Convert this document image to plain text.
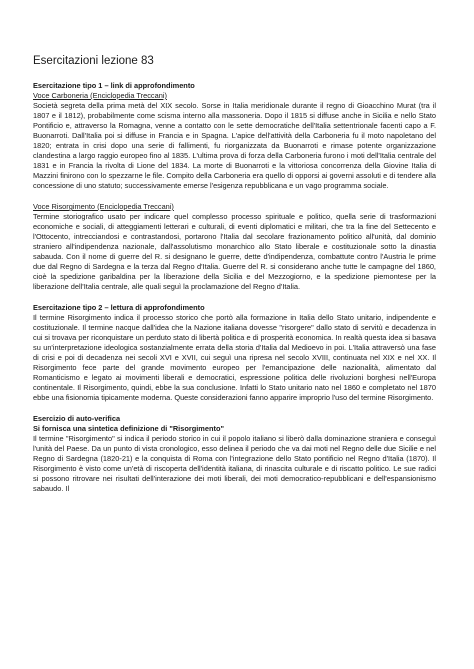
Esercitazioni lezione 83
Esercitazione tipo 1 – link di approfondimento
Voce Carboneria (Enciclopedia Treccani)
Società segreta della prima metà del XIX secolo. Sorse in Italia meridionale durante il regno di Gioacchino Murat (tra il 1807 e il 1812), probabilmente come scisma interno alla massoneria. Dopo il 1815 si diffuse anche in Sicilia e nello Stato Pontificio e, attraverso la Romagna, venne a contatto con le sette democratiche dell'Italia settentrionale facenti capo a F. Buonarroti. Dall'Italia poi si diffuse in Francia e in Spagna. L'apice dell'attività della Carboneria fu il moto napoletano del 1820; entrata in crisi dopo una serie di fallimenti, fu riorganizzata da Buonarroti e rimase potente organizzazione clandestina a largo raggio europeo fino al 1835. L'ultima prova di forza della Carboneria furono i moti dell'Italia centrale del 1831 e in Francia la rivolta di Lione del 1834. La morte di Buonarroti e la vittoriosa concorrenza della Giovine Italia di Mazzini finirono con lo spezzarne le file. Compito della Carboneria era quello di opporsi ai governi assoluti e di tendere alla concessione di uno statuto; successivamente emerse l'esigenza repubblicana e un vago programma sociale.
Voce Risorgimento (Enciclopedia Treccani)
Termine storiografico usato per indicare quel complesso processo spirituale e politico, quella serie di trasformazioni economiche e sociali, di atteggiamenti letterari e culturali, di eventi diplomatici e militari, che tra la fine del Settecento e l'Ottocento, intrecciandosi e contrastandosi, portarono l'Italia dal secolare frazionamento politico all'unità, dal dominio straniero all'indipendenza nazionale, dall'assolutismo monarchico allo Stato liberale e costituzionale sotto la dinastia sabauda. Con il nome di guerre del R. si designano le guerre, dette d'indipendenza, combattute contro l'Austria le prime due dal Regno di Sardegna e la terza dal Regno d'Italia. Guerre del R. si considerano anche tutte le campagne del 1860, cioè la spedizione garibaldina per la liberazione della Sicilia e del Mezzogiorno, e la spedizione piemontese per la liberazione dell'Italia centrale, alle quali seguì la proclamazione del Regno d'Italia.
Esercitazione tipo 2 – lettura di approfondimento
Il termine Risorgimento indica il processo storico che portò alla formazione in Italia dello Stato unitario, indipendente e costituzionale. Il termine nacque dall'idea che la Nazione italiana dovesse "risorgere" dallo stato di servitù e decadenza in cui si trovava per riconquistare un perduto stato di libertà politica e di prosperità economica. In realtà questa idea si basava su un'interpretazione ideologica sostanzialmente errata della storia d'Italia dal Medioevo in poi. L'Italia attraversò una fase di crisi e poi di decadenza nei secoli XVI e XVII, cui seguì una ripresa nel secolo XVIII, continuata nel XIX e nel XX. Il Risorgimento fece parte del grande movimento europeo per l'emancipazione delle nazionalità, alimentato dal Romanticismo e legato ai movimenti liberali e democratici, espressione politica delle rivoluzioni borghesi nell'Europa continentale. Il Risorgimento, quindi, ebbe la sua conclusione. Infatti lo Stato unitario nato nel 1860 e completato nel 1870 ebbe una fisionomia tipicamente moderna. Queste considerazioni fanno apparire improprio l'uso del termine Risorgimento.
Esercizio di auto-verifica
Si fornisca una sintetica definizione di "Risorgimento"
Il termine "Risorgimento" si indica il periodo storico in cui il popolo italiano si liberò dalla dominazione straniera e conseguì l'unità del Paese. Da un punto di vista cronologico, esso delinea il periodo che va dai moti nel Regno delle due Sicilie e nel Regno di Sardegna (1820-21) e la conquista di Roma con l'integrazione dello Stato pontificio nel Regno d'Italia (1870). Il Risorgimento è visto come un'età di riscoperta dell'identità italiana, di rinascita culturale e di riscatto politico. Le sue radici si possono ritrovare nei risultati dell'interazione dei moti liberali, dei moti democratico-repubblicani e dell'espansionismo sabaudo. Il
